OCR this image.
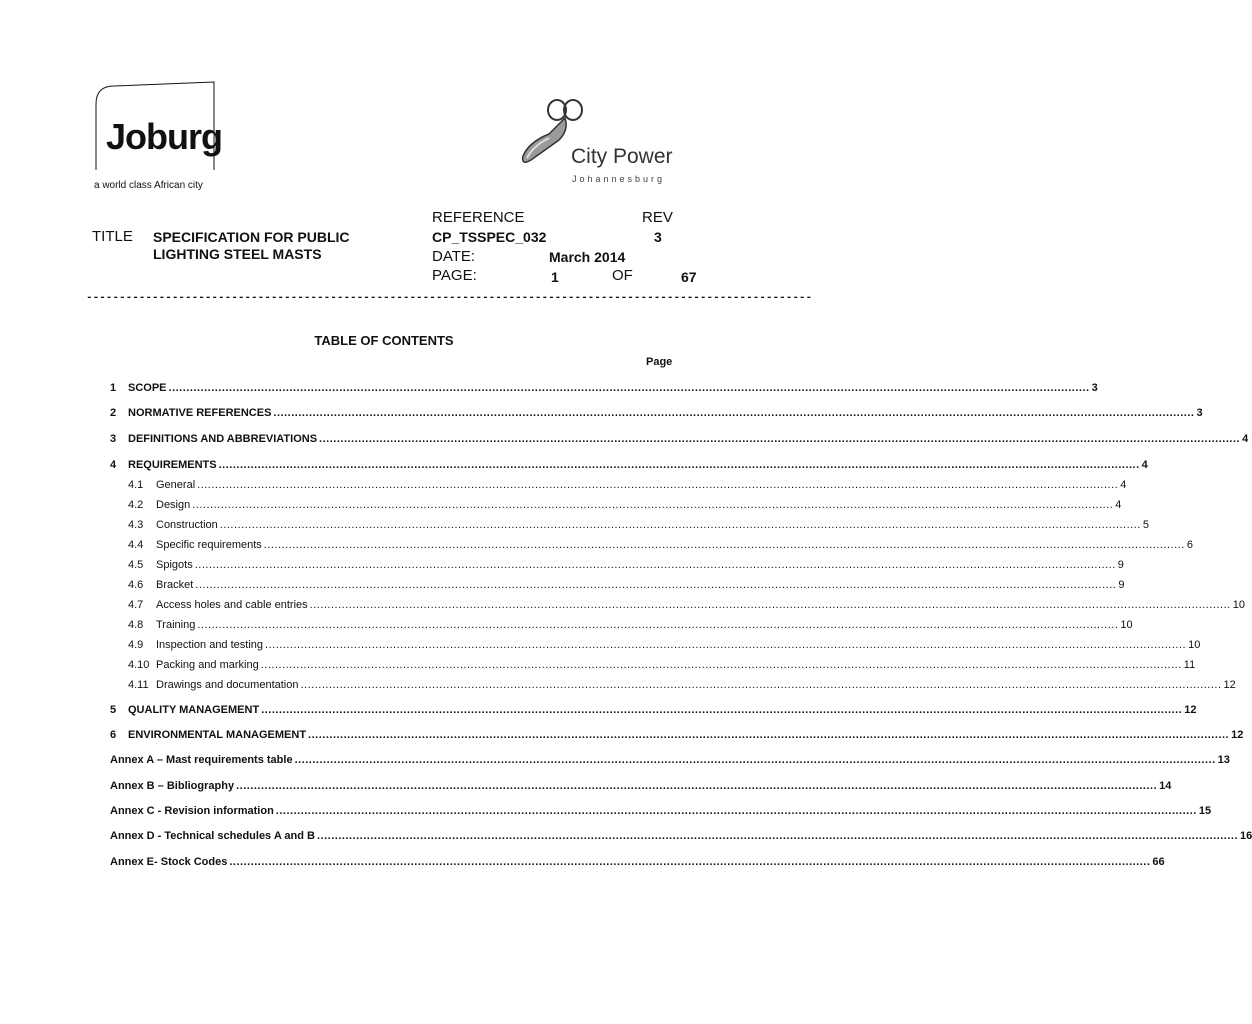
Joburg
a world class African city
City Power
Johannesburg
TITLE SPECIFICATION FOR PUBLIC
LIGHTING STEEL MASTS
REFERENCE
CP_TSSPEC_032
REV
3
DATE:	March 2014
PAGE:	1	OF	67
--------------------------------------------------------------------------------------------------------------
TABLE OF CONTENTS
Page
1	SCOPE .....	3
2	NORMATIVE REFERENCES .....	3
3	DEFINITIONS AND ABBREVIATIONS .....	4
4	REQUIREMENTS .....	4
4.1	General .....	4
4.2	Design .....	4
4.3	Construction .....	5
4.4	Specific requirements .....	6
4.5	Spigots .....	9
4.6	Bracket .....	9
4.7	Access holes and cable entries .....	10
4.8	Training .....	10
4.9	Inspection and testing .....	10
4.10 Packing and marking .....	11
4.11 Drawings and documentation .....	12
5	QUALITY MANAGEMENT .....	12
6	ENVIRONMENTAL MANAGEMENT .....	12
Annex A – Mast requirements table .....	13
Annex B – Bibliography .....	14
Annex C - Revision information .....	15
Annex D - Technical schedules A and B .....	16
Annex E- Stock Codes .....	66
